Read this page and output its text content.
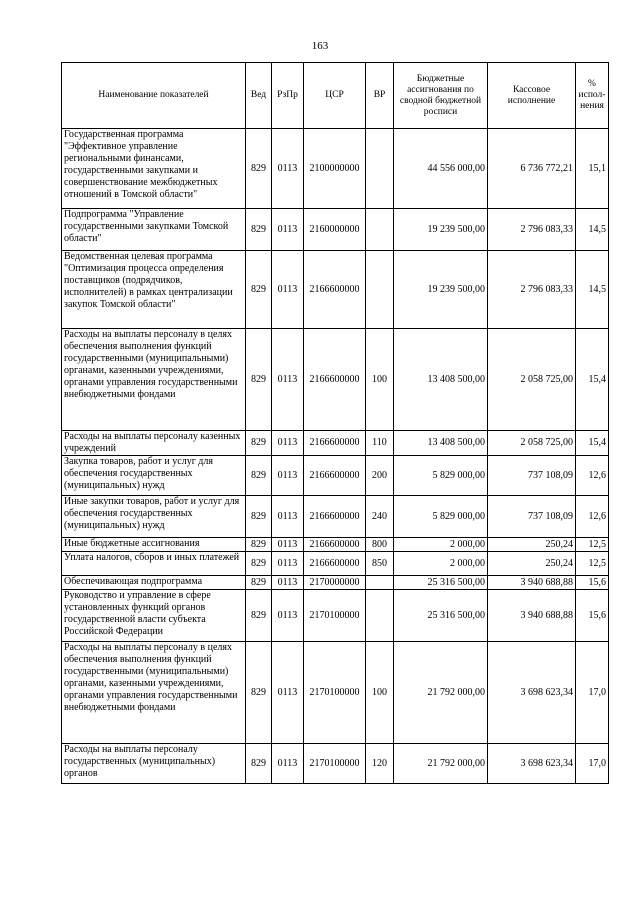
163
Наименование показателей	Вед	РзПр	ЦСР	ВР	Бюджетные ассигнования по сводной бюджетной росписи	Кассовое исполнение	% испол-нения
Государственная программа "Эффективное управление региональными финансами, государственными закупками и совершенствование межбюджетных отношений в Томской области"	829	0113	2100000000		44 556 000,00	6 736 772,21	15,1
Подпрограмма "Управление государственными закупками Томской области"	829	0113	2160000000		19 239 500,00	2 796 083,33	14,5
Ведомственная целевая программа "Оптимизация процесса определения поставщиков (подрядчиков, исполнителей) в рамках централизации закупок Томской области"	829	0113	2166600000		19 239 500,00	2 796 083,33	14,5
Расходы на выплаты персоналу в целях обеспечения выполнения функций государственными (муниципальными) органами, казенными учреждениями, органами управления государственными внебюджетными фондами	829	0113	2166600000	100	13 408 500,00	2 058 725,00	15,4
Расходы на выплаты персоналу казенных учреждений	829	0113	2166600000	110	13 408 500,00	2 058 725,00	15,4
Закупка товаров, работ и услуг для обеспечения государственных (муниципальных) нужд	829	0113	2166600000	200	5 829 000,00	737 108,09	12,6
Иные закупки товаров, работ и услуг для обеспечения государственных (муниципальных) нужд	829	0113	2166600000	240	5 829 000,00	737 108,09	12,6
Иные бюджетные ассигнования	829	0113	2166600000	800	2 000,00	250,24	12,5
Уплата налогов, сборов и иных платежей	829	0113	2166600000	850	2 000,00	250,24	12,5
Обеспечивающая подпрограмма	829	0113	2170000000		25 316 500,00	3 940 688,88	15,6
Руководство и управление в сфере установленных функций органов государственной власти субъекта Российской Федерации	829	0113	2170100000		25 316 500,00	3 940 688,88	15,6
Расходы на выплаты персоналу в целях обеспечения выполнения функций государственными (муниципальными) органами, казенными учреждениями, органами управления государственными внебюджетными фондами	829	0113	2170100000	100	21 792 000,00	3 698 623,34	17,0
Расходы на выплаты персоналу государственных (муниципальных) органов	829	0113	2170100000	120	21 792 000,00	3 698 623,34	17,0
